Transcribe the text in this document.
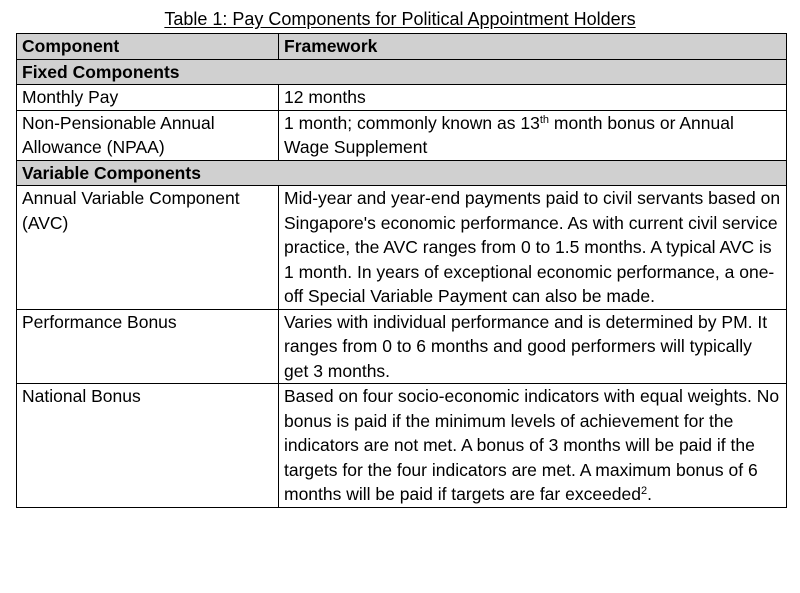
Table 1: Pay Components for Political Appointment Holders
Component	Framework
Fixed Components	
Monthly Pay	12 months
Non-Pensionable Annual Allowance (NPAA)	1 month; commonly known as 13th month bonus or Annual Wage Supplement
Variable Components	
Annual Variable Component (AVC)	Mid-year and year-end payments paid to civil servants based on Singapore's economic performance. As with current civil service practice, the AVC ranges from 0 to 1.5 months. A typical AVC is 1 month. In years of exceptional economic performance, a one-off Special Variable Payment can also be made.
Performance Bonus	Varies with individual performance and is determined by PM. It ranges from 0 to 6 months and good performers will typically get 3 months.
National Bonus	Based on four socio-economic indicators with equal weights. No bonus is paid if the minimum levels of achievement for the indicators are not met. A bonus of 3 months will be paid if the targets for the four indicators are met. A maximum bonus of 6 months will be paid if targets are far exceeded$^2$.
